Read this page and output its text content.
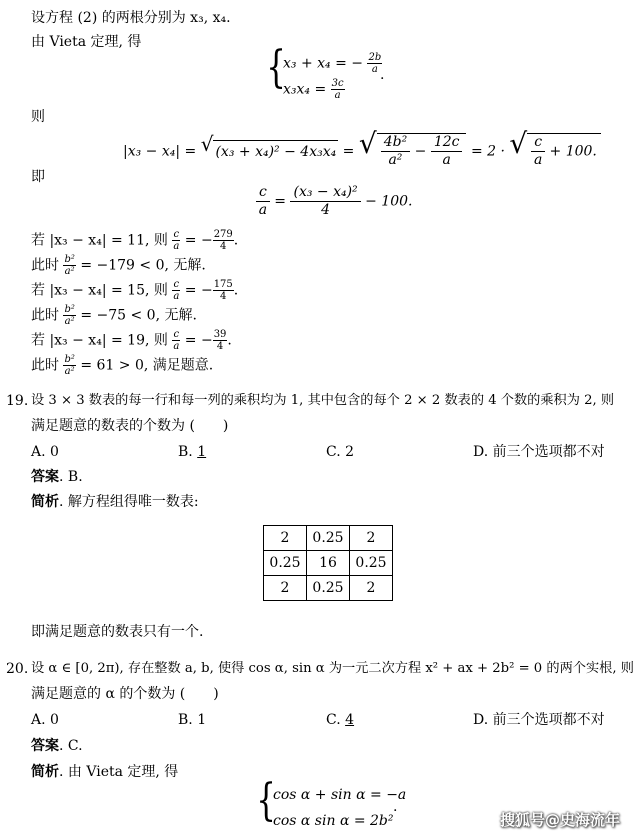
设方程 (2) 的两根分别为 x₃, x₄.
由 Vieta 定理, 得	{
x₃ + x₄ = − $\frac{2b}{a}$
$x_3x_4 = \frac{3c}{a}$
.
则
|x₃ − x₄| = √ (x₃ + x₄)² − 4x₃x₄ = √ $\frac{\text{4b²}}{\text{a²}} - \frac{12c}{a} = 2$ · √ $\frac{c}{a} + 100$.
即
$\frac{c}{a} = \frac{\text{(x₃ − x₄)²}}{4} - 100$.
若 |x₃ − x₄| = 11, 则 $\frac{c}{a}$ = − $\frac{279}{4}$ .
此时 $\frac{\text{b²}}{\text{a²}} = -179 < 0$, 无解.
若 |x₃ − x₄| = 15, 则 $\frac{c}{a}$ = − $\frac{175}{4}$ .
此时 $\frac{\text{b²}}{\text{a²}} = -75 < 0$, 无解.
若 |x₃ − x₄| = 19, 则 $\frac{c}{a}$ = − $\frac{39}{4}$ .
此时 $\frac{\text{b²}}{\text{a²}} = 61 > 0$, 满足题意.
19. 设 3 × 3 数表的每一行和每一列的乘积均为 1, 其中包含的每个 2 × 2 数表的 4 个数的乘积为 2, 则
满足题意的数表的个数为 (　　)
A. 0	B. 1	C. 2	D. 前三个选项都不对
答案. B.
简析. 解方程组得唯一数表:
2	0.25	2
0.25	16	0.25
2	0.25	2
即满足题意的数表只有一个.
20. 设 α ∈ [0, 2π), 存在整数 a, b, 使得 cos α, sin α 为一元二次方程 x² + ax + 2b² = 0 的两个实根, 则
满足题意的 α 的个数为 (　　)
A. 0	B. 1	C. 4	D. 前三个选项都不对
答案. C.
简析. 由 Vieta 定理, 得
{
cos α + sin α = −a
cos α sin α = 2b²
.
搜狐号@史海流年
